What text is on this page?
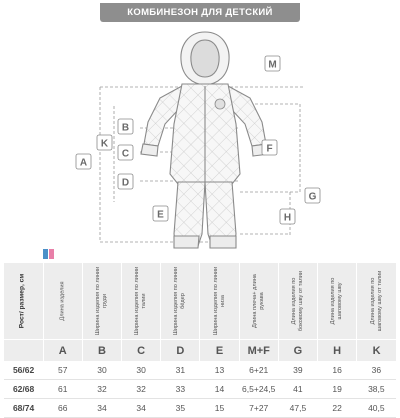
КОМБИНЕЗОН ДЛЯ ДЕТСКИЙ
M
B
C
K
A
D
E
F
G
H
Рост/ размер, см	Длина изделия	Ширина изделия по линии груди	Ширина изделия по линии талии	Ширина изделия по линии бёдер	Ширина изделия по линии низа	Длина плеча+ длина рукава	Длина изделия по боковому шву от талии	Длина изделия по шаговому шву	Длина изделия по шаговому шву от талии

	A	B	C	D	E	M+F	G	H	K
56/62	57	30	30	31	13	6+21	39	16	36
62/68	61	32	32	33	14	6,5+24,5	41	19	38,5
68/74	66	34	34	35	15	7+27	47,5	22	40,5
